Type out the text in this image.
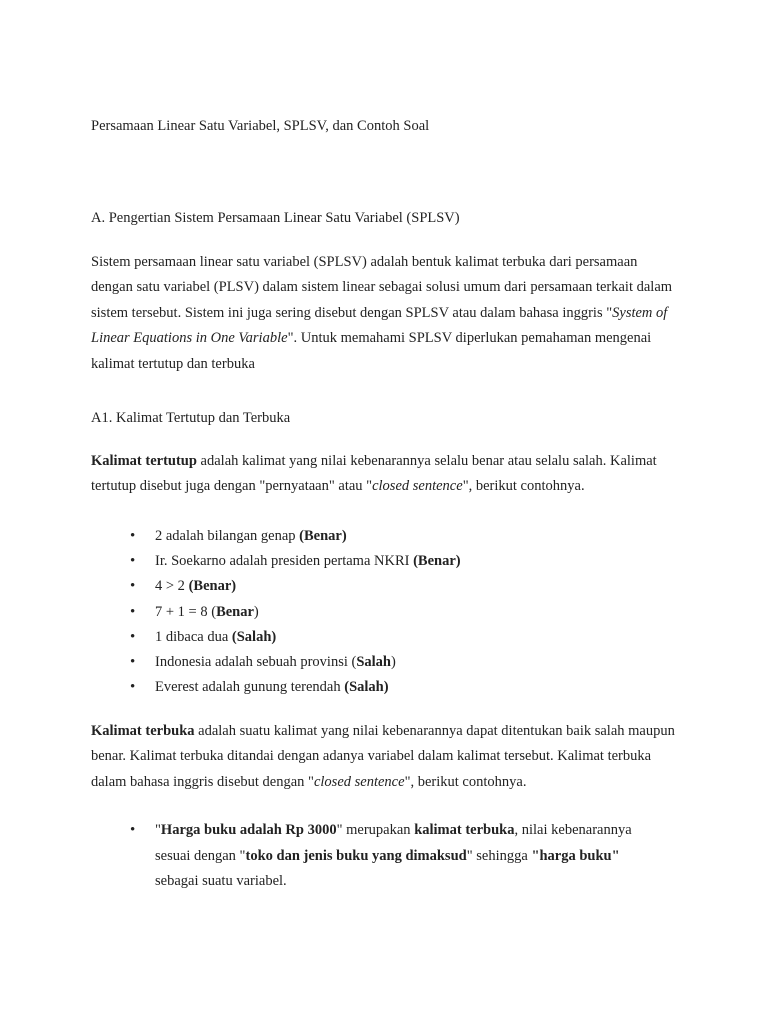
Persamaan Linear Satu Variabel, SPLSV, dan Contoh Soal

A. Pengertian Sistem Persamaan Linear Satu Variabel (SPLSV)

Sistem persamaan linear satu variabel (SPLSV) adalah bentuk kalimat terbuka dari persamaan dengan satu variabel (PLSV) dalam sistem linear sebagai solusi umum dari persamaan terkait dalam sistem tersebut. Sistem ini juga sering disebut dengan SPLSV atau dalam bahasa inggris "System of Linear Equations in One Variable". Untuk memahami SPLSV diperlukan pemahaman mengenai kalimat tertutup dan terbuka

A1. Kalimat Tertutup dan Terbuka

Kalimat tertutup adalah kalimat yang nilai kebenarannya selalu benar atau selalu salah. Kalimat tertutup disebut juga dengan "pernyataan" atau "closed sentence", berikut contohnya.

• 2 adalah bilangan genap (Benar)
• Ir. Soekarno adalah presiden pertama NKRI (Benar)
• 4 > 2 (Benar)
• 7 + 1 = 8 (Benar)
• 1 dibaca dua (Salah)
• Indonesia adalah sebuah provinsi (Salah)
• Everest adalah gunung terendah (Salah)

Kalimat terbuka adalah suatu kalimat yang nilai kebenarannya dapat ditentukan baik salah maupun benar. Kalimat terbuka ditandai dengan adanya variabel dalam kalimat tersebut. Kalimat terbuka dalam bahasa inggris disebut dengan "closed sentence", berikut contohnya.

• "Harga buku adalah Rp 3000" merupakan kalimat terbuka, nilai kebenarannya sesuai dengan "toko dan jenis buku yang dimaksud" sehingga "harga buku" sebagai suatu variabel.
